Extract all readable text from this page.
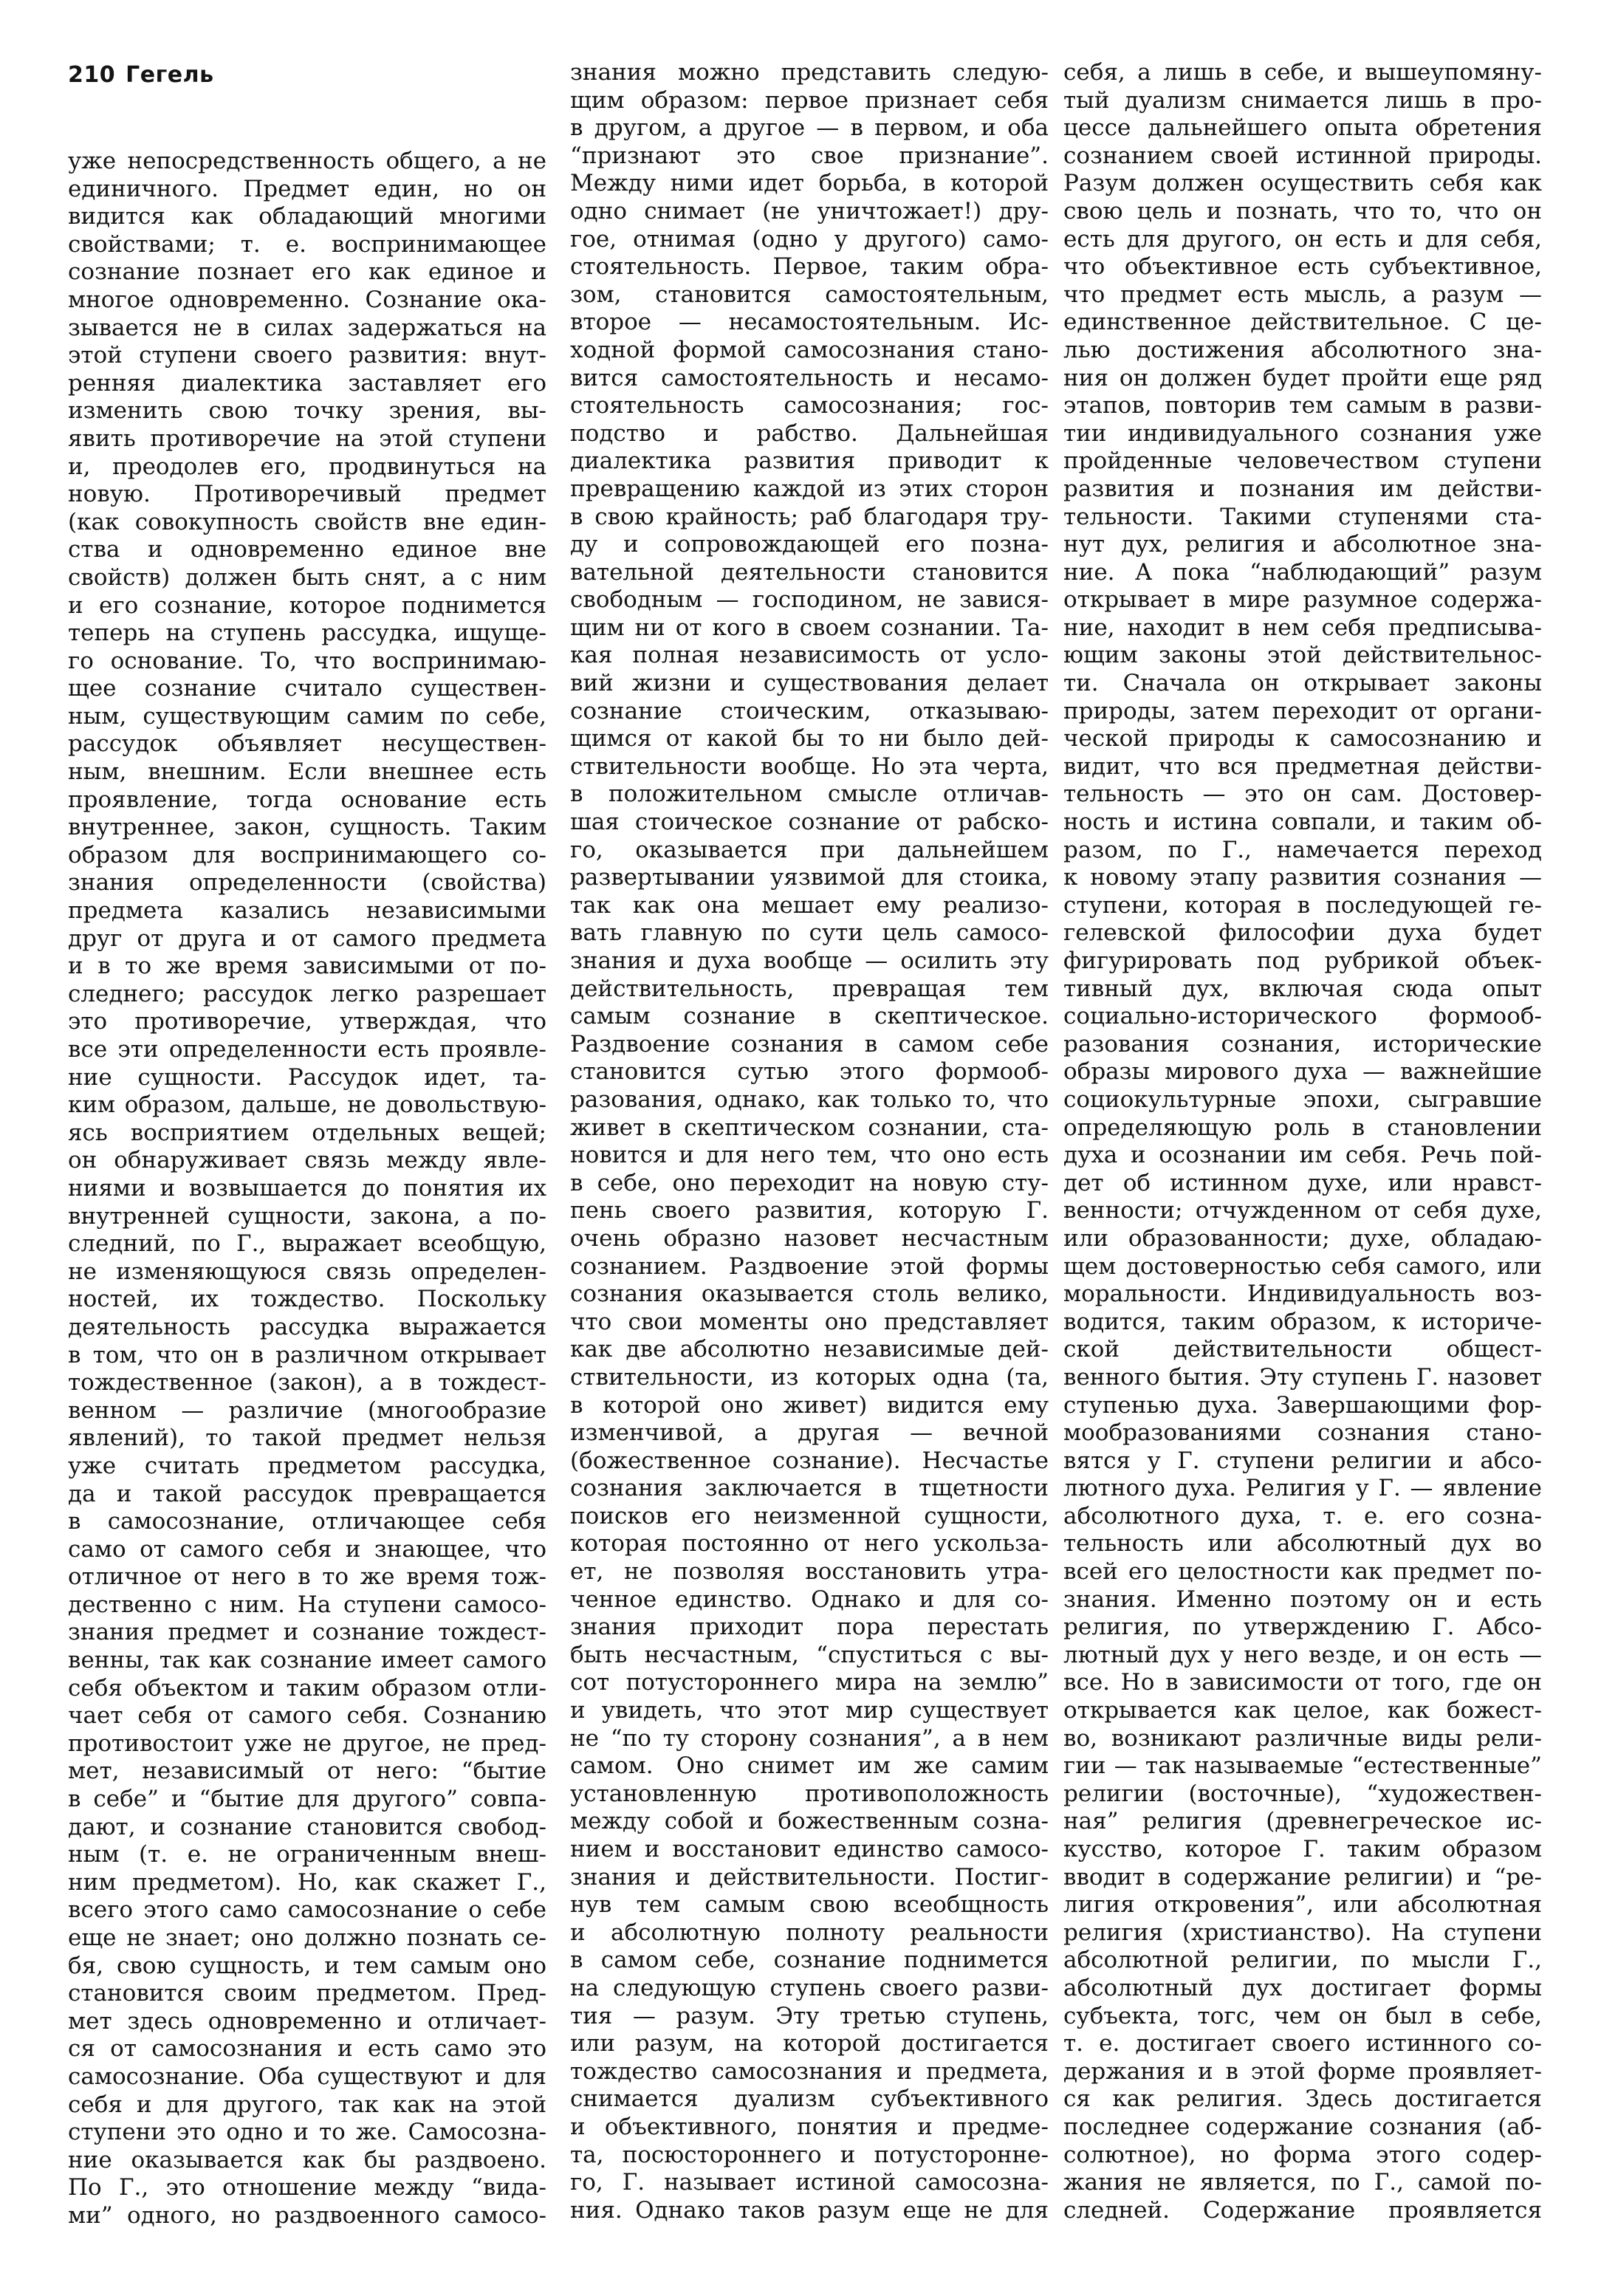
210 Гегель
уже непосредственность общего, а не
единичного. Предмет един, но он
видится как обладающий многими
свойствами; т. е. воспринимающее
сознание познает его как единое и
многое одновременно. Сознание ока-
зывается не в силах задержаться на
этой ступени своего развития: внут-
ренняя диалектика заставляет его
изменить свою точку зрения, вы-
явить противоречие на этой ступени
и, преодолев его, продвинуться на
новую. Противоречивый предмет
(как совокупность свойств вне един-
ства и одновременно единое вне
свойств) должен быть снят, а с ним
и его сознание, которое поднимется
теперь на ступень рассудка, ищуще-
го основание. То, что воспринимаю-
щее сознание считало существен-
ным, существующим самим по себе,
рассудок объявляет несуществен-
ным, внешним. Если внешнее есть
проявление, тогда основание есть
внутреннее, закон, сущность. Таким
образом для воспринимающего со-
знания определенности (свойства)
предмета казались независимыми
друг от друга и от самого предмета
и в то же время зависимыми от по-
следнего; рассудок легко разрешает
это противоречие, утверждая, что
все эти определенности есть проявле-
ние сущности. Рассудок идет, та-
ким образом, дальше, не довольствую-
ясь восприятием отдельных вещей;
он обнаруживает связь между явле-
ниями и возвышается до понятия их
внутренней сущности, закона, а по-
следний, по Г., выражает всеобщую,
не изменяющуюся связь определен-
ностей, их тождество. Поскольку
деятельность рассудка выражается
в том, что он в различном открывает
тождественное (закон), а в тождест-
венном — различие (многообразие
явлений), то такой предмет нельзя
уже считать предметом рассудка,
да и такой рассудок превращается
в самосознание, отличающее себя
само от самого себя и знающее, что
отличное от него в то же время тож-
дественно с ним. На ступени самосо-
знания предмет и сознание тождест-
венны, так как сознание имеет самого
себя объектом и таким образом отли-
чает себя от самого себя. Сознанию
противостоит уже не другое, не пред-
мет, независимый от него: “бытие
в себе” и “бытие для другого” совпа-
дают, и сознание становится свобод-
ным (т. е. не ограниченным внеш-
ним предметом). Но, как скажет Г.,
всего этого само самосознание о себе
еще не знает; оно должно познать се-
бя, свою сущность, и тем самым оно
становится своим предметом. Пред-
мет здесь одновременно и отличает-
ся от самосознания и есть само это
самосознание. Оба существуют и для
себя и для другого, так как на этой
ступени это одно и то же. Самосозна-
ние оказывается как бы раздвоено.
По Г., это отношение между “вида-
ми” одного, но раздвоенного самосо-
знания можно представить следую-
щим образом: первое признает себя
в другом, а другое — в первом, и оба
“признают это свое признание”.
Между ними идет борьба, в которой
одно снимает (не уничтожает!) дру-
гое, отнимая (одно у другого) само-
стоятельность. Первое, таким обра-
зом, становится самостоятельным,
второе — несамостоятельным. Ис-
ходной формой самосознания стано-
вится самостоятельность и несамо-
стоятельность самосознания; гос-
подство и рабство. Дальнейшая
диалектика развития приводит к
превращению каждой из этих сторон
в свою крайность; раб благодаря тру-
ду и сопровождающей его познa-
вательной деятельности становится
свободным — господином, не завися-
щим ни от кого в своем сознании. Та-
кая полная независимость от усло-
вий жизни и существования делает
сознание стоическим, отказываю-
щимся от какой бы то ни было дей-
ствительности вообще. Но эта черта,
в положительном смысле отличав-
шая стоическое сознание от рабско-
го, оказывается при дальнейшем
развертывании уязвимой для стоика,
так как она мешает ему реализо-
вать главную по сути цель самосо-
знания и духа вообще — осилить эту
действительность, превращая тем
самым сознание в скептическое.
Раздвоение сознания в самом себе
становится сутью этого формооб-
разования, однако, как только то, что
живет в скептическом сознании, ста-
новится и для него тем, что оно есть
в себе, оно переходит на новую сту-
пень своего развития, которую Г.
очень образно назовет несчастным
сознанием. Раздвоение этой формы
сознания оказывается столь велико,
что свои моменты оно представляет
как две абсолютно независимые дей-
ствительности, из которых одна (та,
в которой оно живет) видится ему
изменчивой, а другая — вечной
(божественное сознание). Несчастье
сознания заключается в тщетности
поисков его неизменной сущности,
которая постоянно от него ускольза-
ет, не позволяя восстановить утра-
ченное единство. Однако и для со-
знания приходит пора перестать
быть несчастным, “спуститься с вы-
сот потустороннего мира на землю”
и увидеть, что этот мир существует
не “по ту сторону сознания”, а в нем
самом. Оно снимет им же самим
установленную противоположность
между собой и божественным созна-
нием и восстановит единство самосо-
знания и действительности. Постиг-
нув тем самым свою всеобщность
и абсолютную полноту реальности
в самом себе, сознание поднимется
на следующую ступень своего разви-
тия — разум. Эту третью ступень,
или разум, на которой достигается
тождество самосознания и предмета,
снимается дуализм субъективного
и объективного, понятия и предме-
та, посюстороннего и потусторонне-
го, Г. называет истиной самосозна-
ния. Однако таков разум еще не для
себя, а лишь в себе, и вышеупомяну-
тый дуализм снимается лишь в про-
цессе дальнейшего опыта обретения
сознанием своей истинной природы.
Разум должен осуществить себя как
свою цель и познать, что то, что он
есть для другого, он есть и для себя,
что объективное есть субъективное,
что предмет есть мысль, а разум —
единственное действительное. С це-
лью достижения абсолютного зна-
ния он должен будет пройти еще ряд
этапов, повторив тем самым в разви-
тии индивидуального сознания уже
пройденные человечеством ступени
развития и познания им действи-
тельности. Такими ступенями ста-
нут дух, религия и абсолютное зна-
ние. А пока “наблюдающий” разум
открывает в мире разумное содержа-
ние, находит в нем себя предписыва-
ющим законы этой действительнос-
ти. Сначала он открывает законы
природы, затем переходит от органи-
ческой природы к самосознанию и
видит, что вся предметная действи-
тельность — это он сам. Достовер-
ность и истина совпали, и таким об-
разом, по Г., намечается переход
к новому этапу развития сознания —
ступени, которая в последующей ге-
гелевской философии духа будет
фигурировать под рубрикой объек-
тивный дух, включая сюда опыт
социально-исторического формооб-
разования сознания, исторические
образы мирового духа — важнейшие
социокультурные эпохи, сыгравшие
определяющую роль в становлении
духа и осознании им себя. Речь пой-
дет об истинном духе, или нравст-
венности; отчужденном от себя духе,
или образованности; духе, обладаю-
щем достоверностью себя самого, или
моральности. Индивидуальность воз-
водится, таким образом, к историче-
ской действительности общест-
венного бытия. Эту ступень Г. назовет
ступенью духа. Завершающими фор-
мообразованиями сознания стано-
вятся у Г. ступени религии и абсо-
лютного духа. Религия у Г. — явление
абсолютного духа, т. е. его созна-
тельность или абсолютный дух во
всей его целостности как предмет по-
знания. Именно поэтому он и есть
религия, по утверждению Г. Абсо-
лютный дух у него везде, и он есть —
все. Но в зависимости от того, где он
открывается как целое, как божест-
во, возникают различные виды рели-
гии — так называемые “естественные”
религии (восточные), “художествен-
ная” религия (древнегреческое ис-
кусство, которое Г. таким образом
вводит в содержание религии) и “ре-
лигия откровения”, или абсолютная
религия (христианство). На ступени
абсолютной религии, по мысли Г.,
абсолютный дух достигает формы
субъекта, тогс, чем он был в себе,
т. е. достигает своего истинного со-
держания и в этой форме проявляет-
ся как религия. Здесь достигается
последнее содержание сознания (аб-
солютное), но форма этого содер-
жания не является, по Г., самой по-
следней. Содержание проявляется
